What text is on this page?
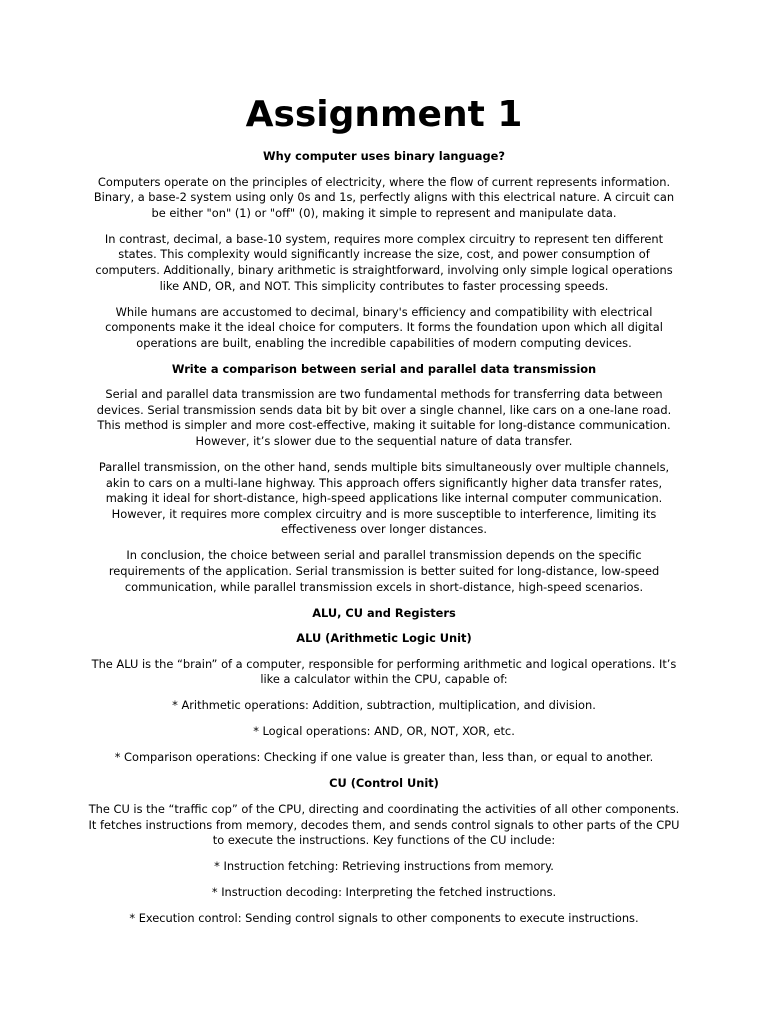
Assignment 1

Why computer uses binary language?

Computers operate on the principles of electricity, where the flow of current represents information. Binary, a base-2 system using only 0s and 1s, perfectly aligns with this electrical nature. A circuit can be either "on" (1) or "off" (0), making it simple to represent and manipulate data.

In contrast, decimal, a base-10 system, requires more complex circuitry to represent ten different states. This complexity would significantly increase the size, cost, and power consumption of computers. Additionally, binary arithmetic is straightforward, involving only simple logical operations like AND, OR, and NOT. This simplicity contributes to faster processing speeds.

While humans are accustomed to decimal, binary's efficiency and compatibility with electrical components make it the ideal choice for computers. It forms the foundation upon which all digital operations are built, enabling the incredible capabilities of modern computing devices.

Write a comparison between serial and parallel data transmission

Serial and parallel data transmission are two fundamental methods for transferring data between devices. Serial transmission sends data bit by bit over a single channel, like cars on a one-lane road. This method is simpler and more cost-effective, making it suitable for long-distance communication. However, it’s slower due to the sequential nature of data transfer.

Parallel transmission, on the other hand, sends multiple bits simultaneously over multiple channels, akin to cars on a multi-lane highway. This approach offers significantly higher data transfer rates, making it ideal for short-distance, high-speed applications like internal computer communication. However, it requires more complex circuitry and is more susceptible to interference, limiting its effectiveness over longer distances.

In conclusion, the choice between serial and parallel transmission depends on the specific requirements of the application. Serial transmission is better suited for long-distance, low-speed communication, while parallel transmission excels in short-distance, high-speed scenarios.

ALU, CU and Registers

ALU (Arithmetic Logic Unit)

The ALU is the “brain” of a computer, responsible for performing arithmetic and logical operations. It’s like a calculator within the CPU, capable of:

* Arithmetic operations: Addition, subtraction, multiplication, and division.

* Logical operations: AND, OR, NOT, XOR, etc.

* Comparison operations: Checking if one value is greater than, less than, or equal to another.

CU (Control Unit)

The CU is the “traffic cop” of the CPU, directing and coordinating the activities of all other components. It fetches instructions from memory, decodes them, and sends control signals to other parts of the CPU to execute the instructions. Key functions of the CU include:

* Instruction fetching: Retrieving instructions from memory.

* Instruction decoding: Interpreting the fetched instructions.

* Execution control: Sending control signals to other components to execute instructions.
